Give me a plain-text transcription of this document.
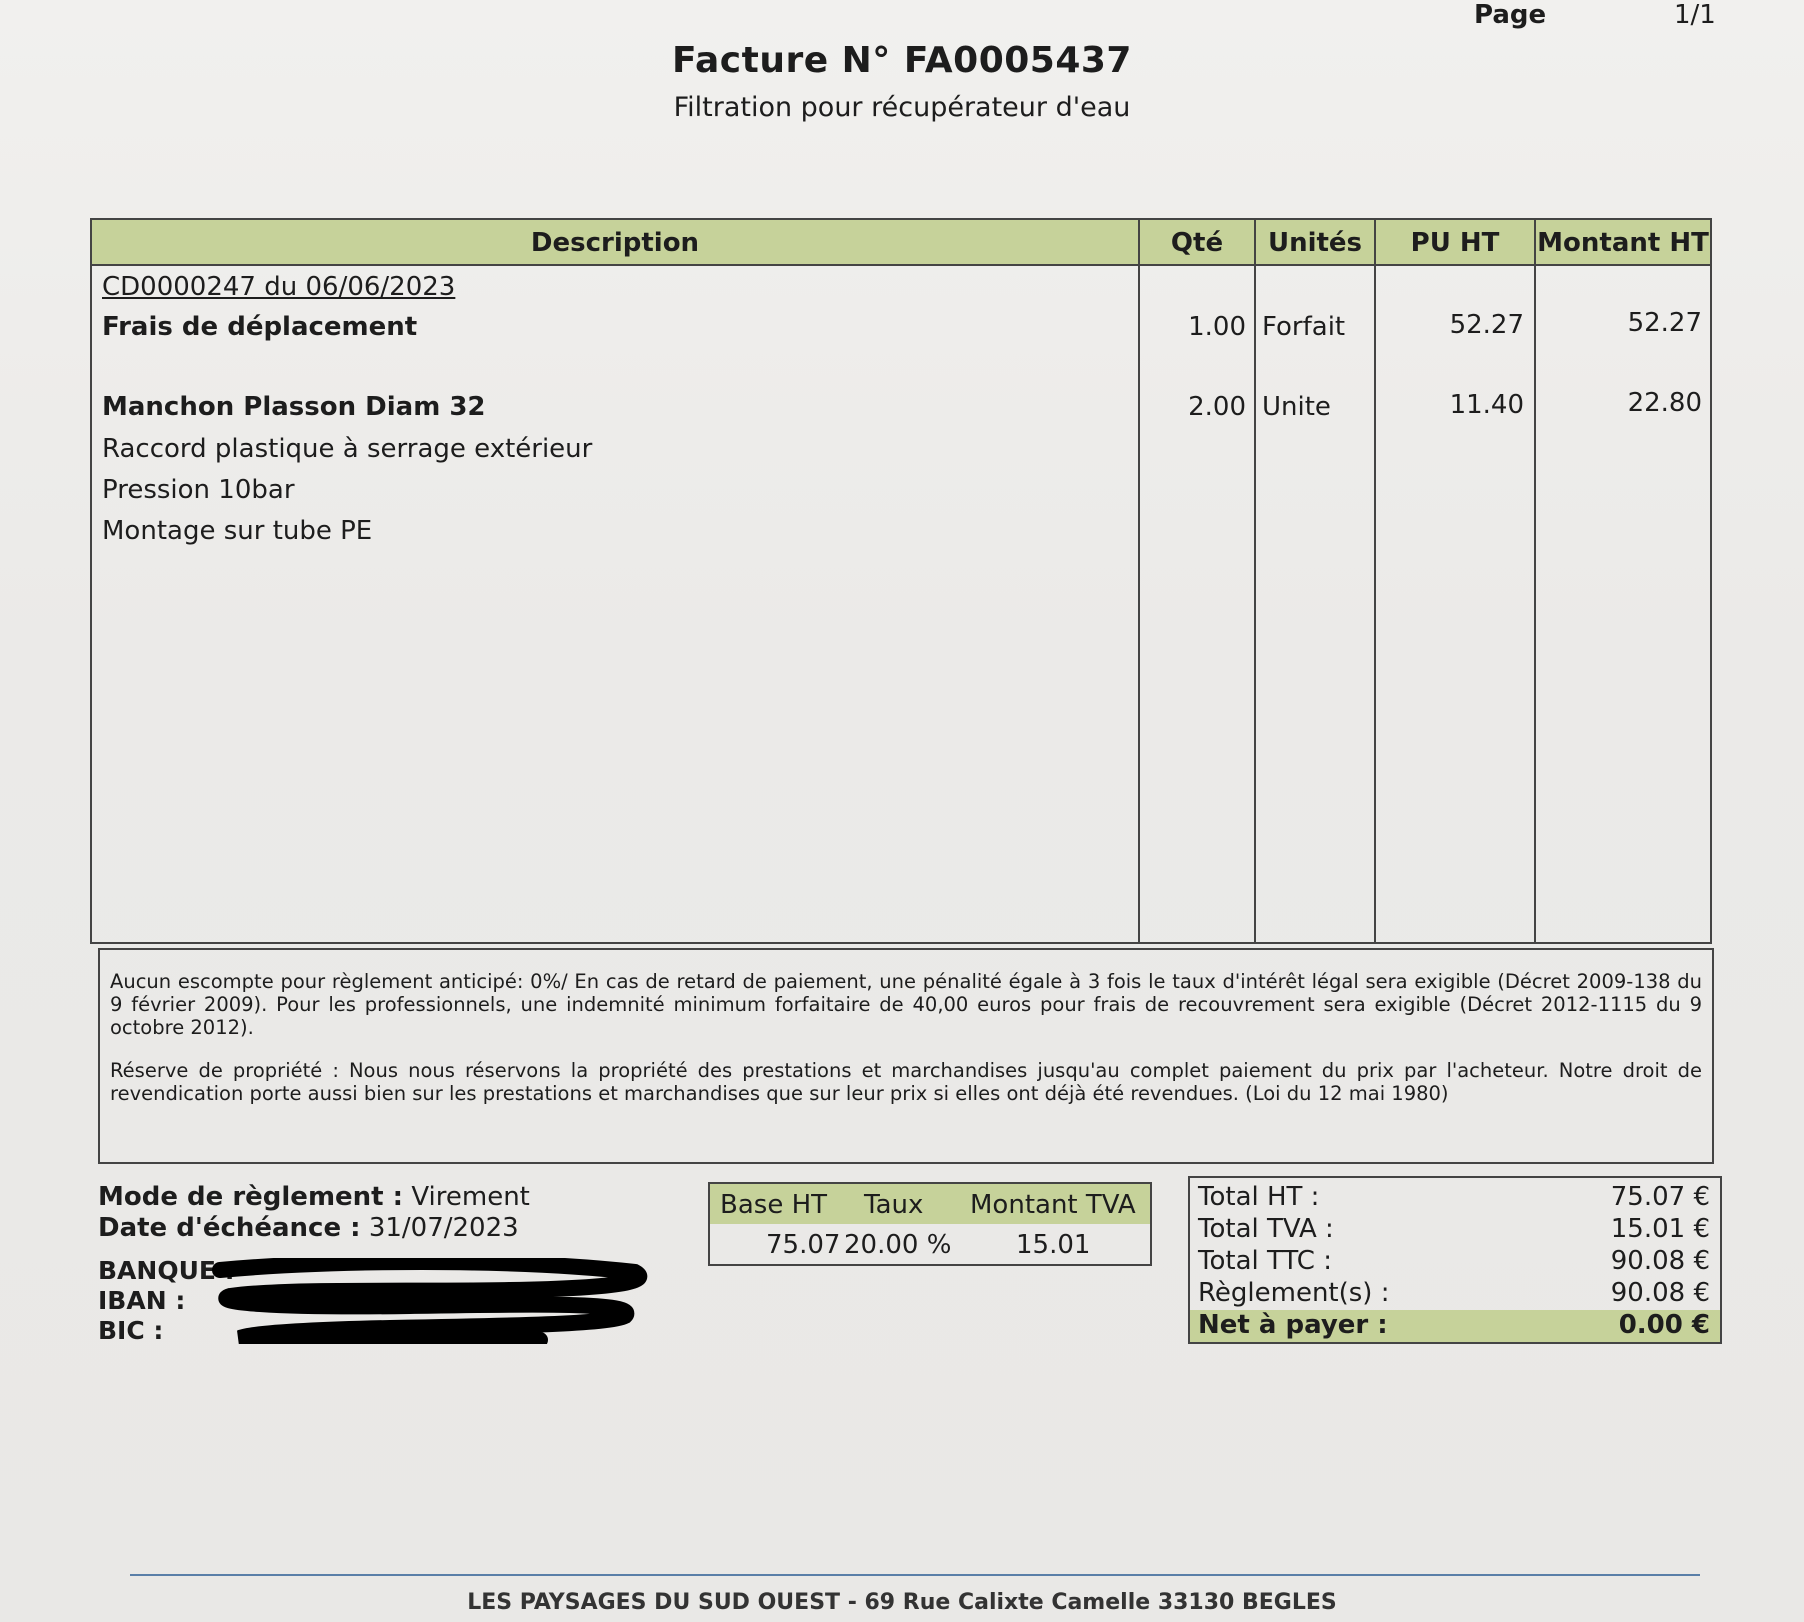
Page	1/1
Facture N° FA0005437
Filtration pour récupérateur d'eau
Description	Qté	Unités	PU HT	Montant HT
CD0000247 du 06/06/2023
Frais de déplacement	1.00 Forfait	52.27	52.27
Manchon Plasson Diam 32	2.00 Unite	11.40	22.80
Raccord plastique à serrage extérieur
Pression 10bar
Montage sur tube PE

Aucun escompte pour règlement anticipé: 0%/ En cas de retard de paiement, une pénalité égale à 3 fois le taux d'intérêt légal sera exigible (Décret 2009-138 du 9 février 2009). Pour les professionnels, une indemnité minimum forfaitaire de 40,00 euros pour frais de recouvrement sera exigible (Décret 2012-1115 du 9 octobre 2012).

Réserve de propriété : Nous nous réservons la propriété des prestations et marchandises jusqu'au complet paiement du prix par l'acheteur. Notre droit de revendication porte aussi bien sur les prestations et marchandises que sur leur prix si elles ont déjà été revendues. (Loi du 12 mai 1980)

Mode de règlement : Virement
Date d'échéance : 31/07/2023
BANQUE :
IBAN :
BIC :
Base HT Taux Montant TVA
75.07 20.00 % 15.01
Total HT :	75.07 €
Total TVA :	15.01 €
Total TTC :	90.08 €
Règlement(s) :	90.08 €
Net à payer :	0.00 €
LES PAYSAGES DU SUD OUEST - 69 Rue Calixte Camelle 33130 BEGLES
